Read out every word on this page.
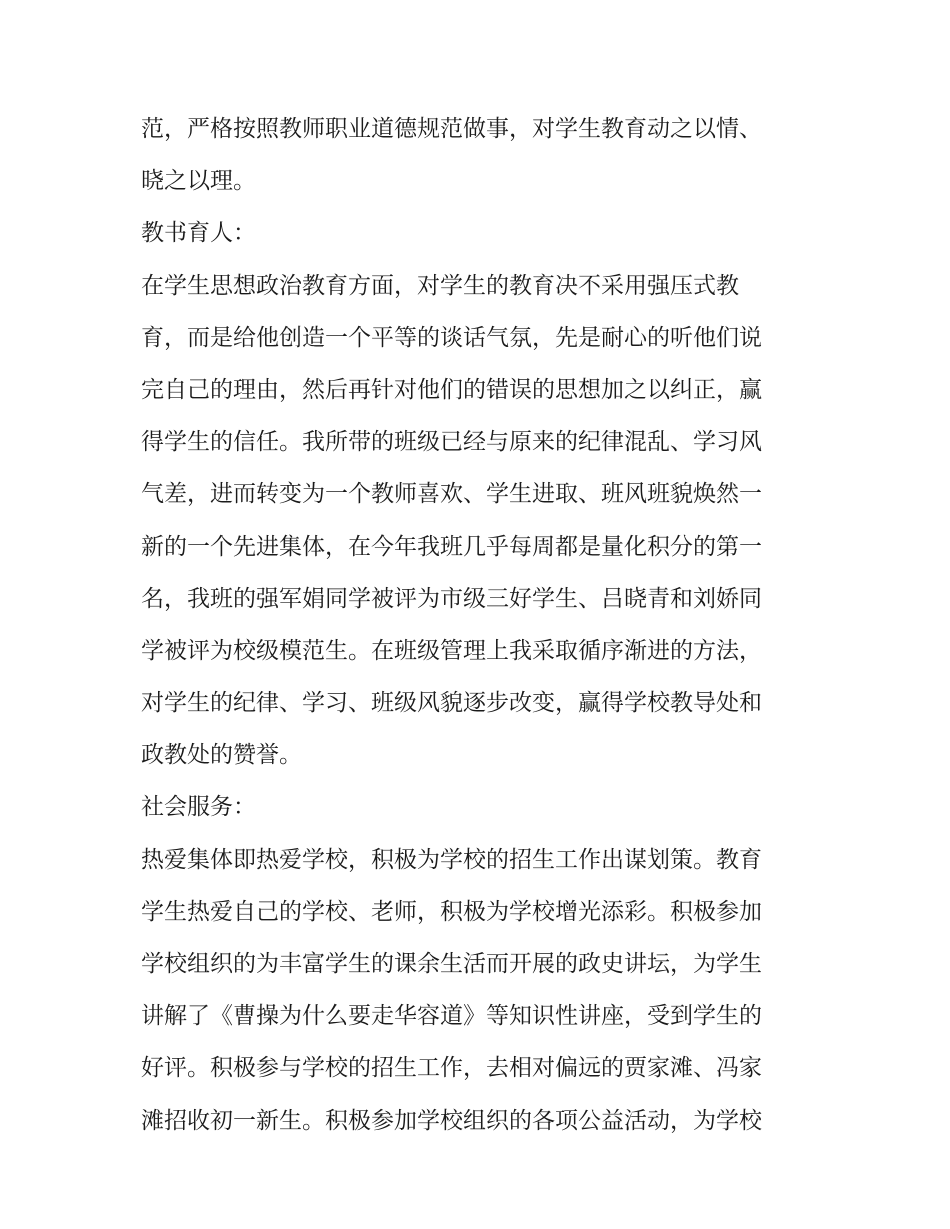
范，严格按照教师职业道德规范做事，对学生教育动之以情、
晓之以理。
教书育人：
在学生思想政治教育方面，对学生的教育决不采用强压式教
育，而是给他创造一个平等的谈话气氛，先是耐心的听他们说
完自己的理由，然后再针对他们的错误的思想加之以纠正，赢
得学生的信任。我所带的班级已经与原来的纪律混乱、学习风
气差，进而转变为一个教师喜欢、学生进取、班风班貌焕然一
新的一个先进集体，在今年我班几乎每周都是量化积分的第一
名，我班的强军娟同学被评为市级三好学生、吕晓青和刘娇同
学被评为校级模范生。在班级管理上我采取循序渐进的方法，
对学生的纪律、学习、班级风貌逐步改变，赢得学校教导处和
政教处的赞誉。
社会服务：
热爱集体即热爱学校，积极为学校的招生工作出谋划策。教育
学生热爱自己的学校、老师，积极为学校增光添彩。积极参加
学校组织的为丰富学生的课余生活而开展的政史讲坛，为学生
讲解了《曹操为什么要走华容道》等知识性讲座，受到学生的
好评。积极参与学校的招生工作，去相对偏远的贾家滩、冯家
滩招收初一新生。积极参加学校组织的各项公益活动，为学校
